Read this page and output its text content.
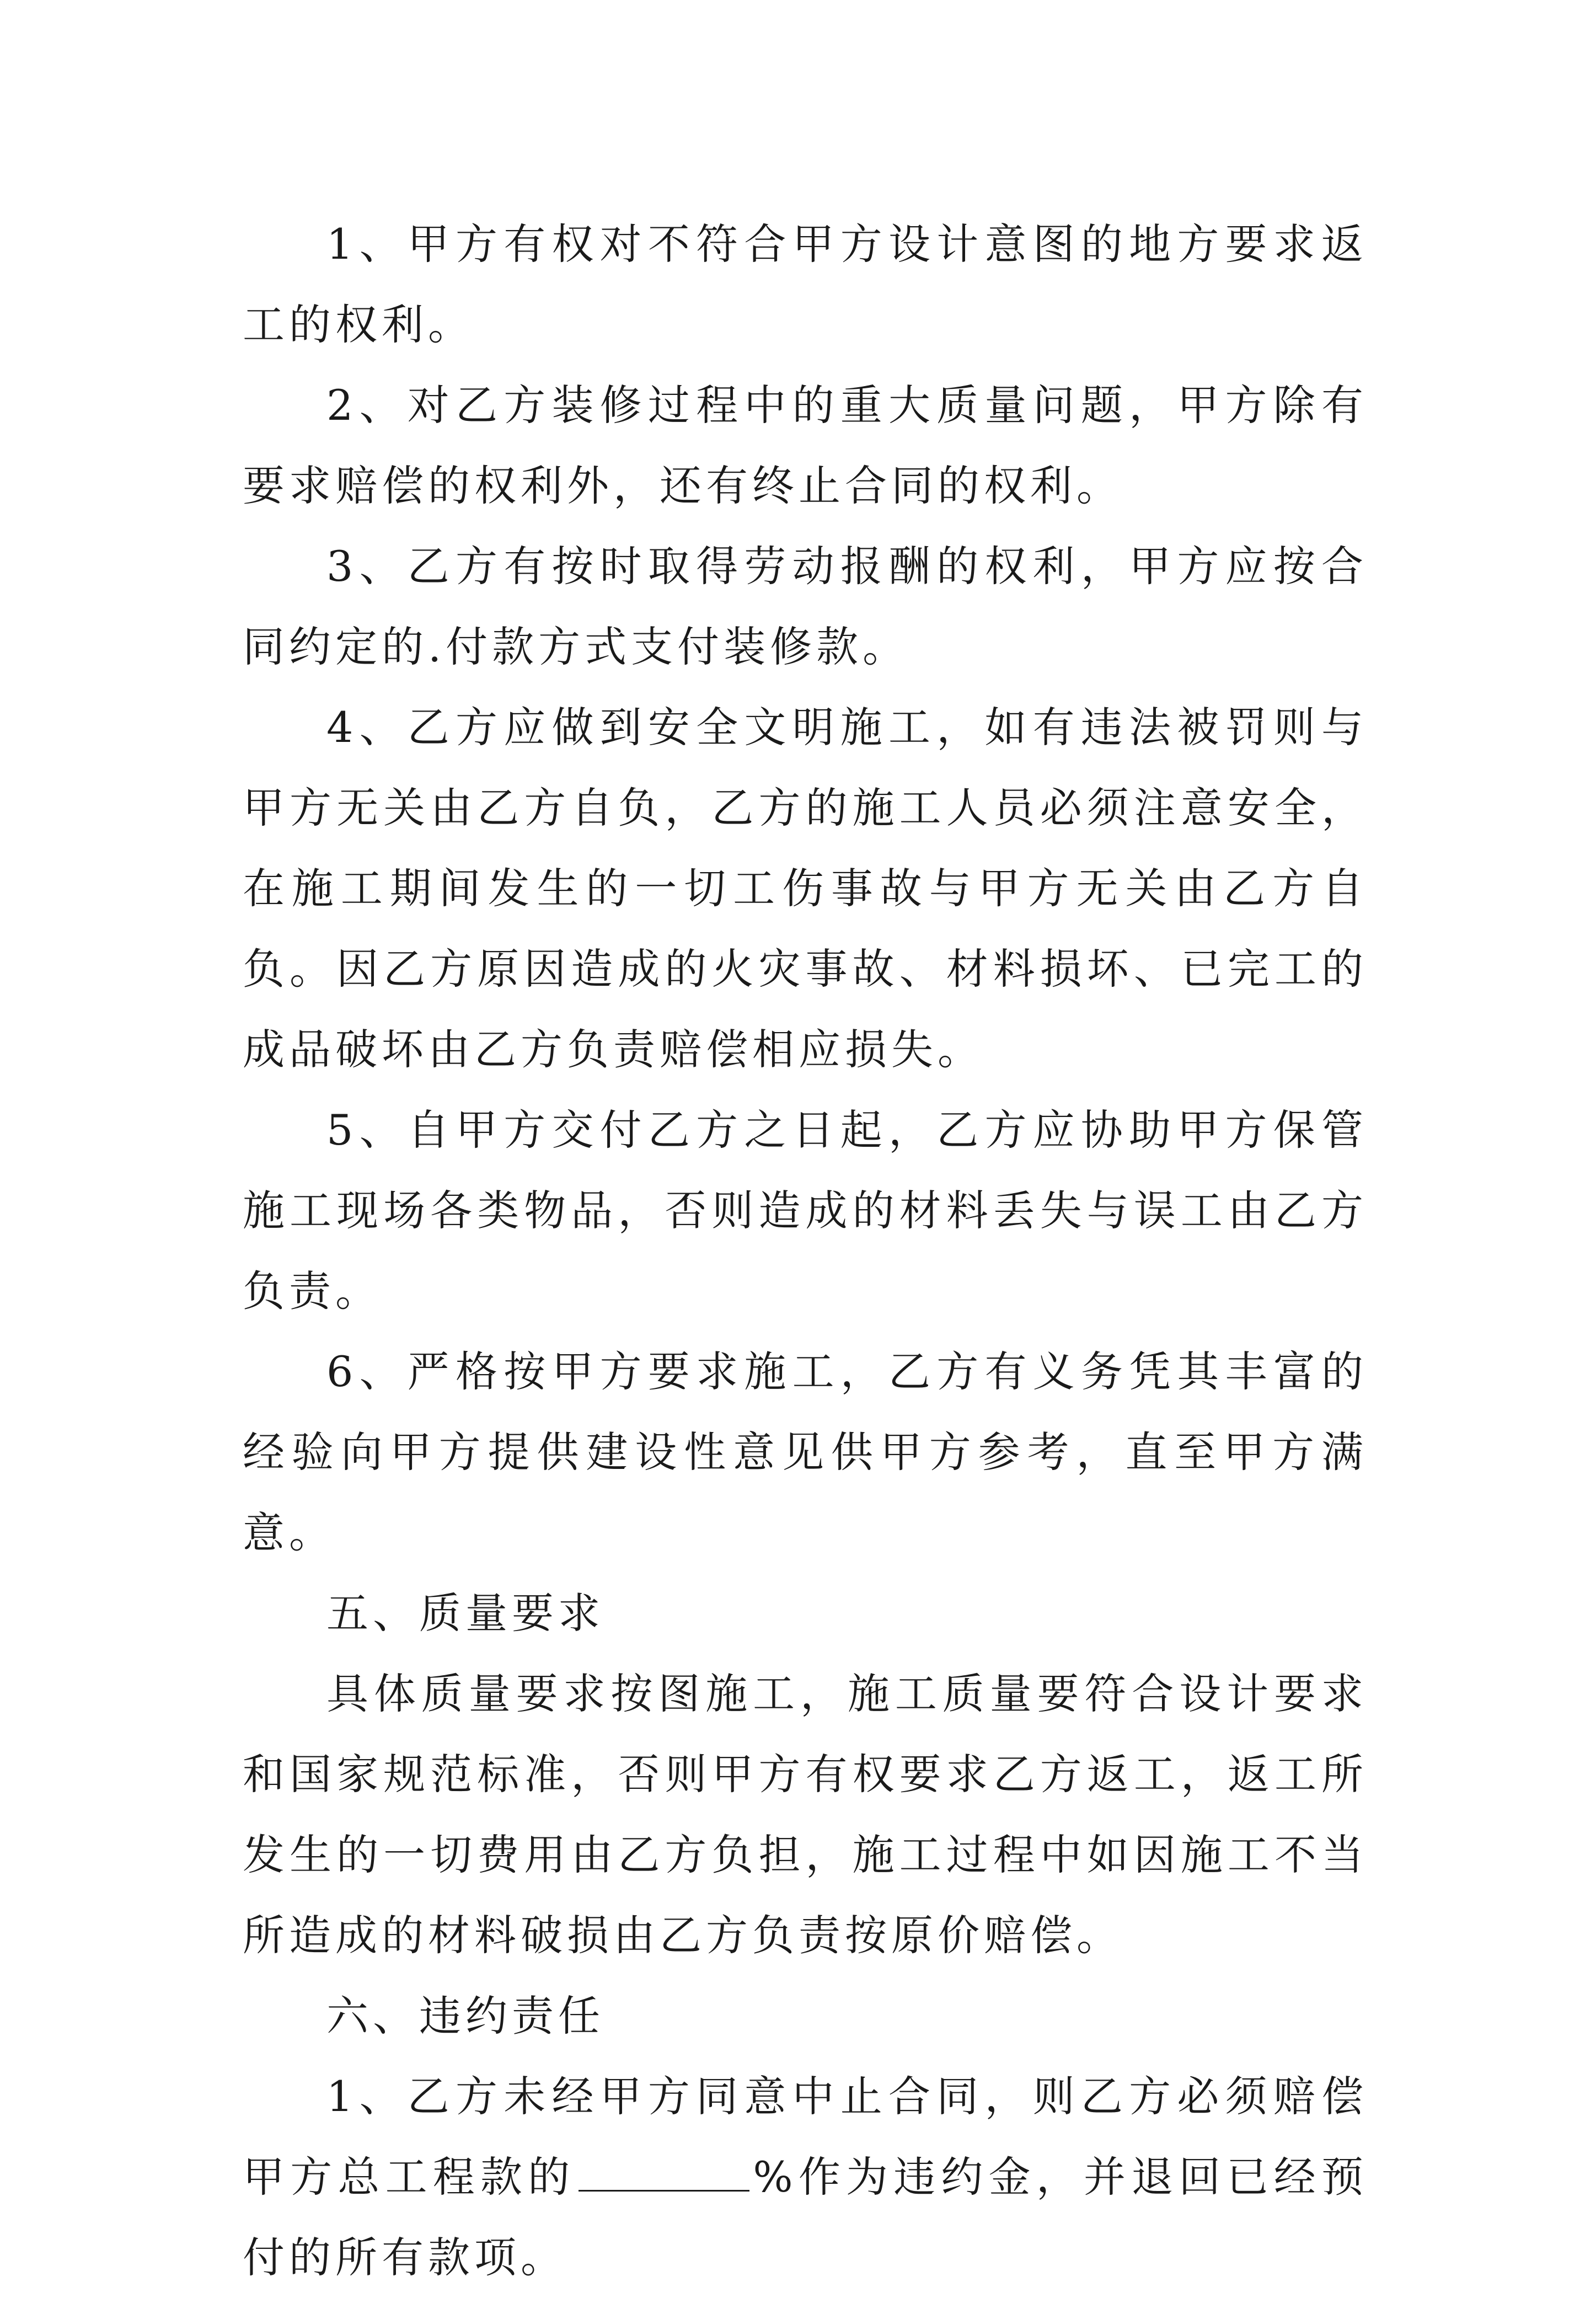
1、甲方有权对不符合甲方设计意图的地方要求返工的权利。

2、对乙方装修过程中的重大质量问题，甲方除有要求赔偿的权利外，还有终止合同的权利。

3、乙方有按时取得劳动报酬的权利，甲方应按合同约定的.付款方式支付装修款。

4、乙方应做到安全文明施工，如有违法被罚则与甲方无关由乙方自负，乙方的施工人员必须注意安全，在施工期间发生的一切工伤事故与甲方无关由乙方自负。因乙方原因造成的火灾事故、材料损坏、已完工的成品破坏由乙方负责赔偿相应损失。

5、自甲方交付乙方之日起，乙方应协助甲方保管施工现场各类物品，否则造成的材料丢失与误工由乙方负责。

6、严格按甲方要求施工，乙方有义务凭其丰富的经验向甲方提供建设性意见供甲方参考，直至甲方满意。

五、质量要求

具体质量要求按图施工，施工质量要符合设计要求和国家规范标准，否则甲方有权要求乙方返工，返工所发生的一切费用由乙方负担，施工过程中如因施工不当所造成的材料破损由乙方负责按原价赔偿。

六、违约责任

1、乙方未经甲方同意中止合同，则乙方必须赔偿甲方总工程款的	%作为违约金，并退回已经预付的所有款项。
